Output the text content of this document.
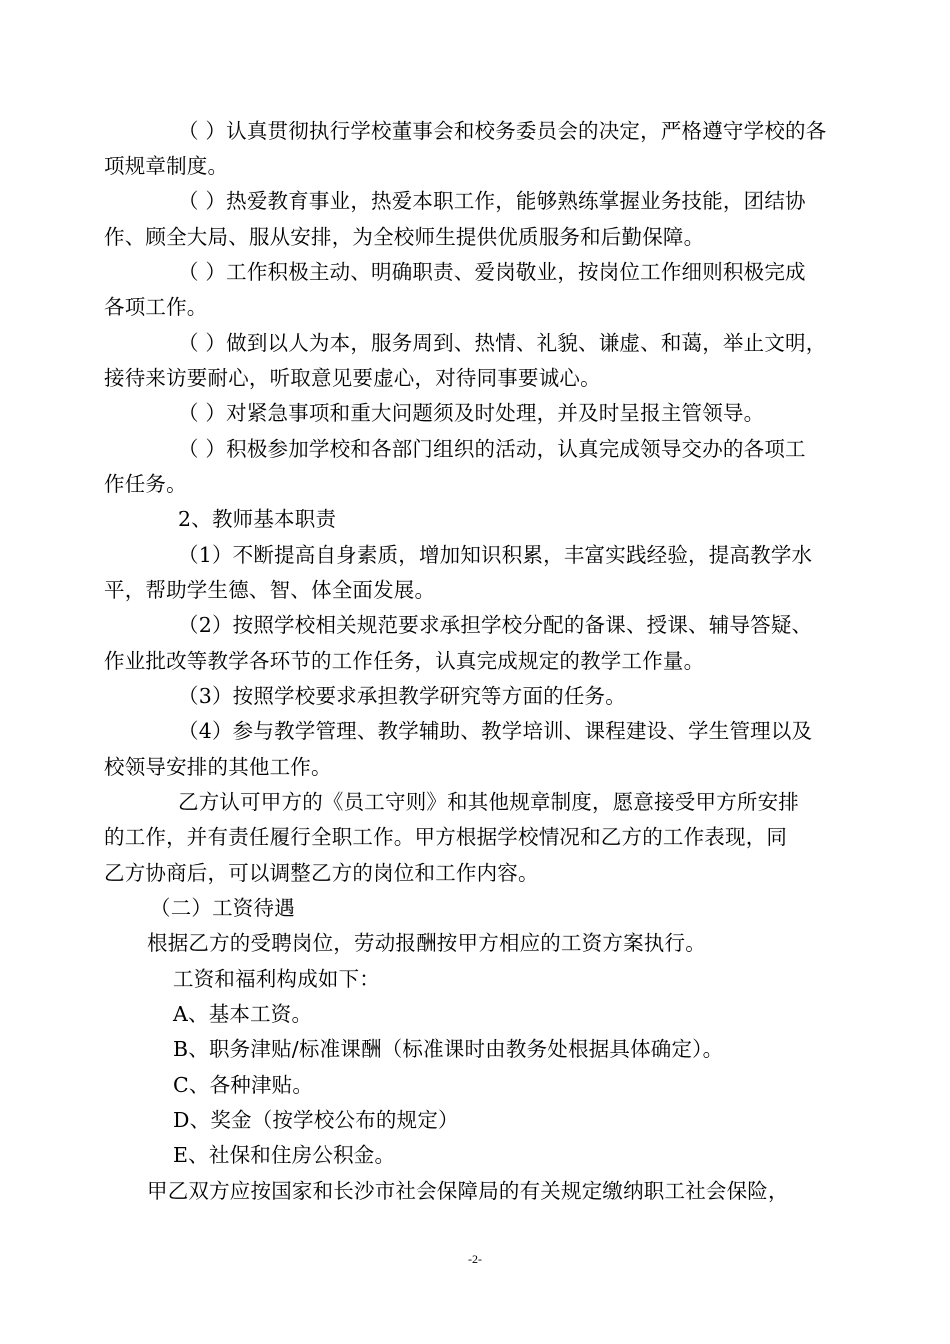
（ ）认真贯彻执行学校董事会和校务委员会的决定，严格遵守学校的各
项规章制度。
（ ）热爱教育事业，热爱本职工作，能够熟练掌握业务技能，团结协
作、顾全大局、服从安排，为全校师生提供优质服务和后勤保障。
（ ）工作积极主动、明确职责、爱岗敬业，按岗位工作细则积极完成
各项工作。
（ ）做到以人为本，服务周到、热情、礼貌、谦虚、和蔼，举止文明，
接待来访要耐心，听取意见要虚心，对待同事要诚心。
（ ）对紧急事项和重大问题须及时处理，并及时呈报主管领导。
（ ）积极参加学校和各部门组织的活动，认真完成领导交办的各项工
作任务。
2、教师基本职责
（1）不断提高自身素质，增加知识积累，丰富实践经验，提高教学水
平，帮助学生德、智、体全面发展。
（2）按照学校相关规范要求承担学校分配的备课、授课、辅导答疑、
作业批改等教学各环节的工作任务，认真完成规定的教学工作量。
（3）按照学校要求承担教学研究等方面的任务。
（4）参与教学管理、教学辅助、教学培训、课程建设、学生管理以及
校领导安排的其他工作。
乙方认可甲方的《员工守则》和其他规章制度，愿意接受甲方所安排
的工作，并有责任履行全职工作。甲方根据学校情况和乙方的工作表现，同
乙方协商后，可以调整乙方的岗位和工作内容。
（二）工资待遇
根据乙方的受聘岗位，劳动报酬按甲方相应的工资方案执行。
工资和福利构成如下：
A、基本工资。
B、职务津贴/标准课酬（标准课时由教务处根据具体确定）。
C、各种津贴。
D、奖金（按学校公布的规定）
E、社保和住房公积金。
甲乙双方应按国家和长沙市社会保障局的有关规定缴纳职工社会保险，
-2-
